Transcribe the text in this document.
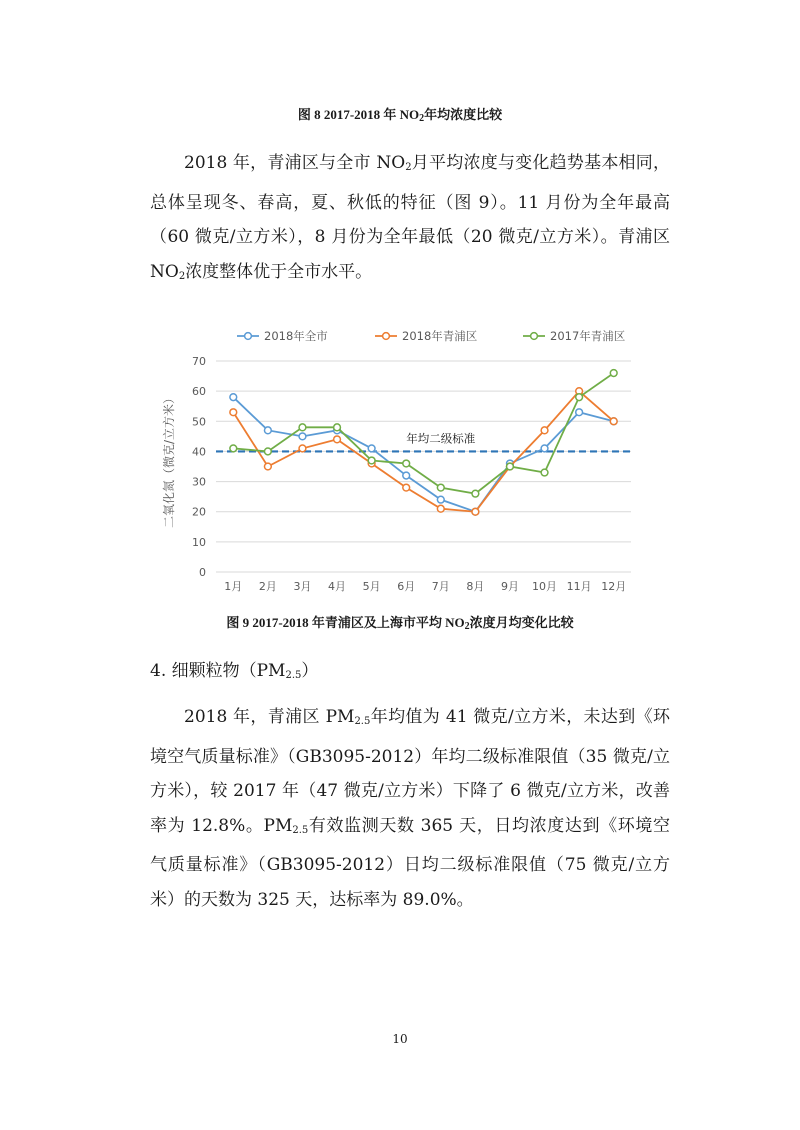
图 8 2017-2018 年 $NO_2$年均浓度比较

2018 年，青浦区与全市 $NO_2$月平均浓度与变化趋势基本相同，总体呈现冬、春高，夏、秋低的特征（图 9）。11 月份为全年最高（60 微克/立方米），8 月份为全年最低（20 微克/立方米）。青浦区 $NO_2$浓度整体优于全市水平。

2018年全市	2018年青浦区	2017年青浦区
二氧化氮（微克/立方米）
0
10
20
30
40
50
60
70
1月 2月 3月 4月 5月 6月 7月 8月 9月 10月 11月 12月
年均二级标准
图 9 2017-2018 年青浦区及上海市平均 $NO_2$浓度月均变化比较
4. 细颗粒物$(PM_{2.5})$

2018 年，青浦区 $PM_{2.5}$年均值为 41 微克/立方米，未达到《环境空气质量标准》（GB3095-2012）年均二级标准限值（35 微克/立方米），较 2017 年（47 微克/立方米）下降了 6 微克/立方米，改善率为 12.8%。$PM_{2.5}$有效监测天数 365 天，日均浓度达到《环境空气质量标准》（GB3095-2012）日均二级标准限值（75 微克/立方米）的天数为 325 天，达标率为 89.0%。

10
